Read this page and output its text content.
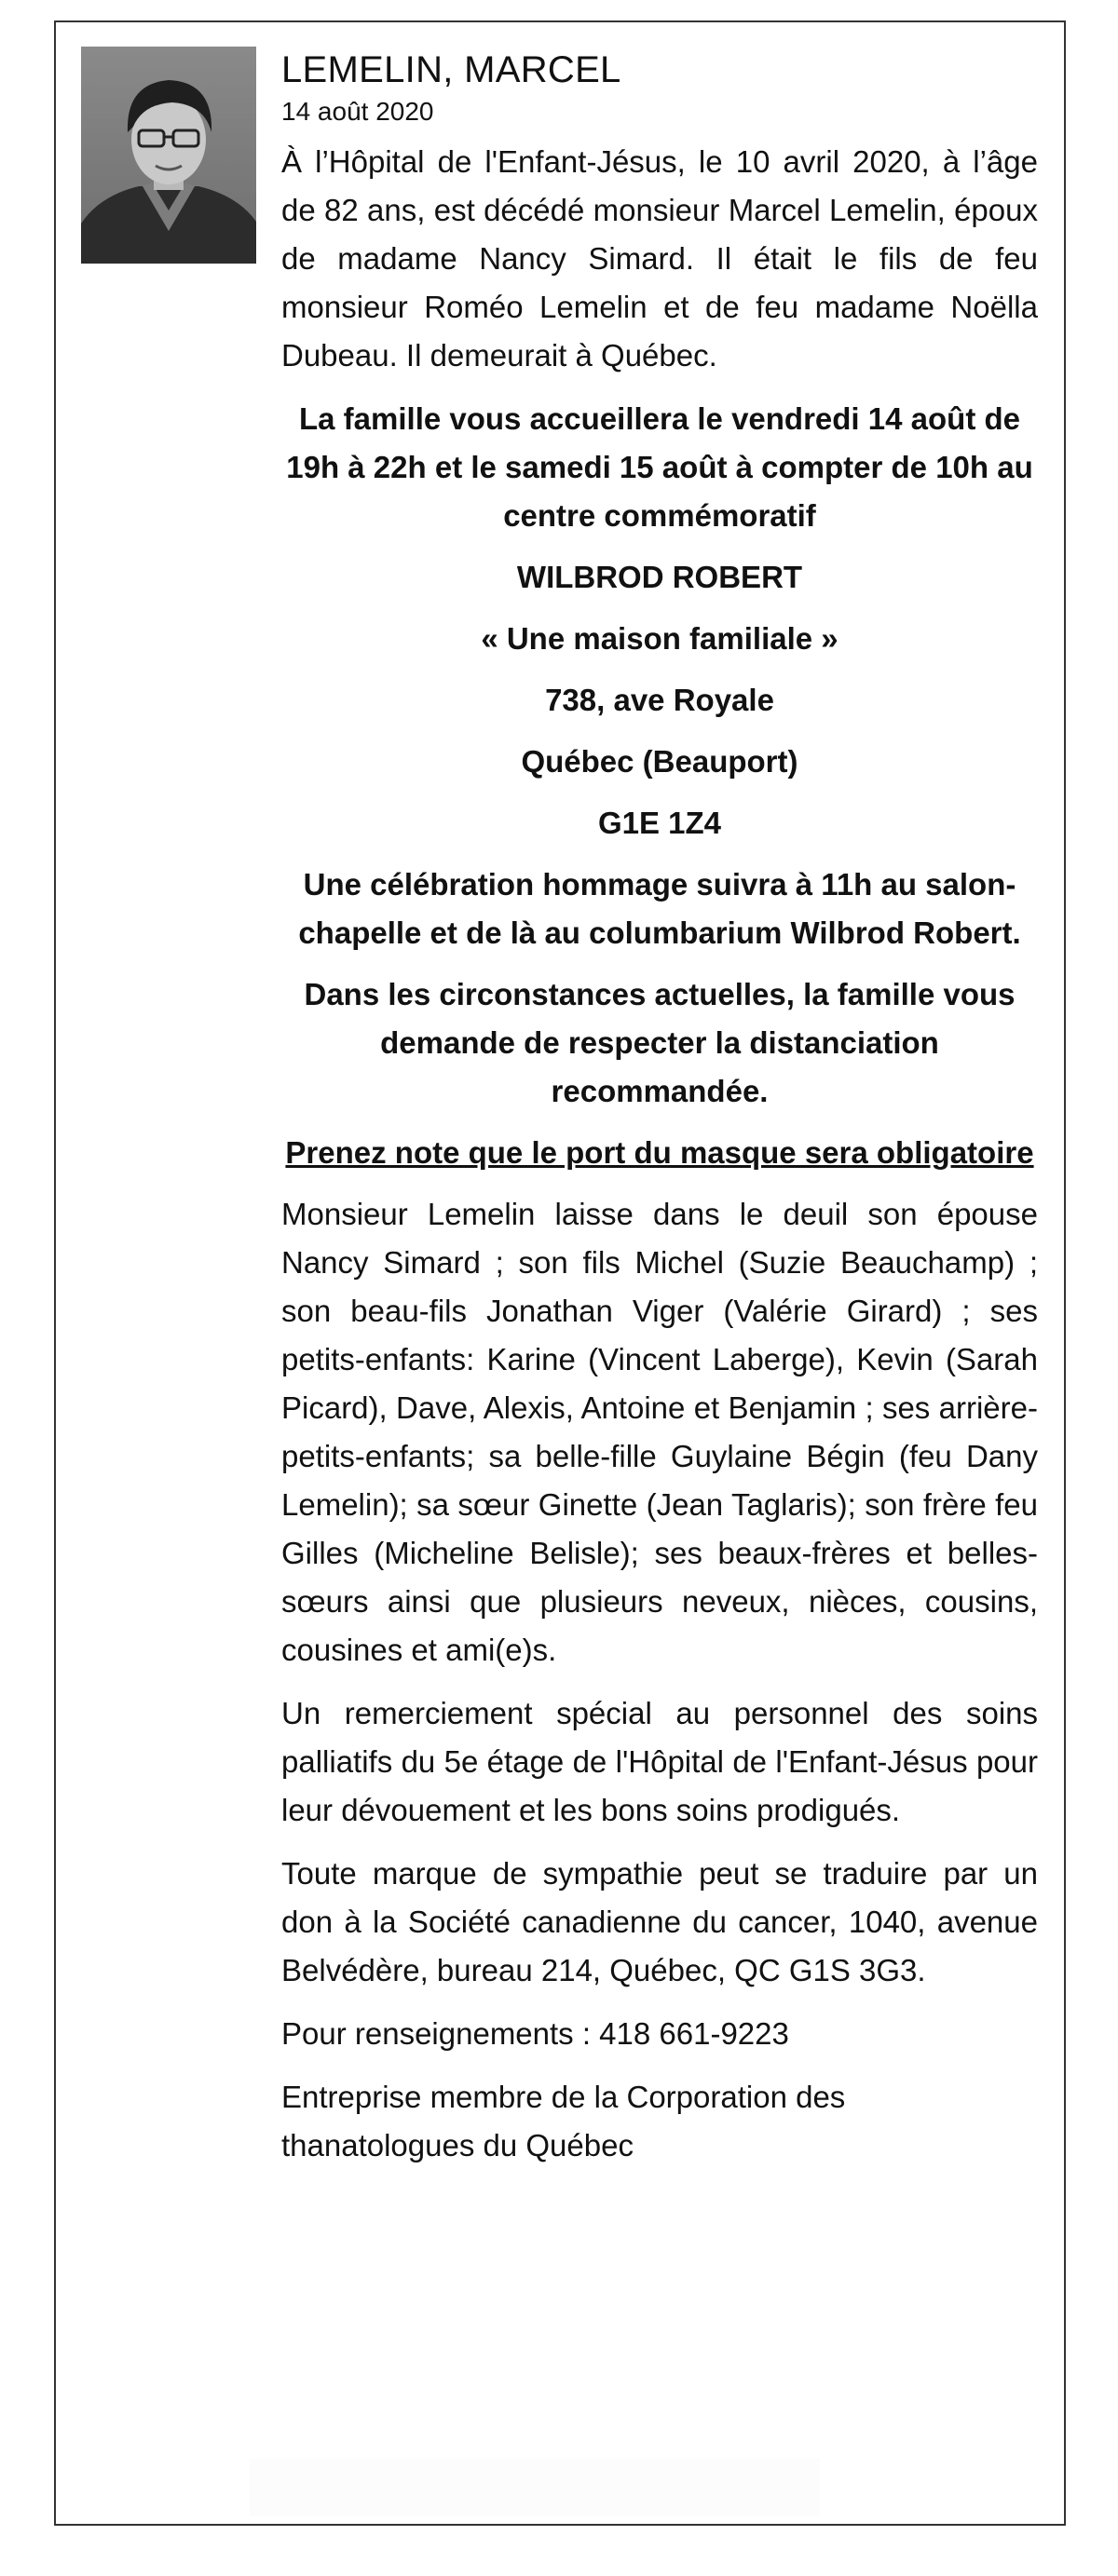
LEMELIN, MARCEL

14 août 2020

À l’Hôpital de l'Enfant-Jésus, le 10 avril 2020, à l’âge de 82 ans, est décédé monsieur Marcel Lemelin, époux de madame Nancy Simard. Il était le fils de feu monsieur Roméo Lemelin et de feu madame Noëlla Dubeau. Il demeurait à Québec.

La famille vous accueillera le vendredi 14 août de 19h à 22h et le samedi 15 août à compter de 10h au centre commémoratif

WILBROD ROBERT

« Une maison familiale »

738, ave Royale

Québec (Beauport)

G1E 1Z4

Une célébration hommage suivra à 11h au salon-chapelle et de là au columbarium Wilbrod Robert.

Dans les circonstances actuelles, la famille vous demande de respecter la distanciation recommandée.

Prenez note que le port du masque sera obligatoire

Monsieur Lemelin laisse dans le deuil son épouse Nancy Simard ; son fils Michel (Suzie Beauchamp) ; son beau-fils Jonathan Viger (Valérie Girard) ; ses petits-enfants: Karine (Vincent Laberge), Kevin (Sarah Picard), Dave, Alexis, Antoine et Benjamin ; ses arrière-petits-enfants; sa belle-fille Guylaine Bégin (feu Dany Lemelin); sa sœur Ginette (Jean Taglaris); son frère feu Gilles (Micheline Belisle); ses beaux-frères et belles-sœurs ainsi que plusieurs neveux, nièces, cousins, cousines et ami(e)s.

Un remerciement spécial au personnel des soins palliatifs du 5e étage de l'Hôpital de l'Enfant-Jésus pour leur dévouement et les bons soins prodigués.

Toute marque de sympathie peut se traduire par un don à la Société canadienne du cancer, 1040, avenue Belvédère, bureau 214, Québec, QC G1S 3G3.

Pour renseignements : 418 661-9223

Entreprise membre de la Corporation des thanatologues du Québec
